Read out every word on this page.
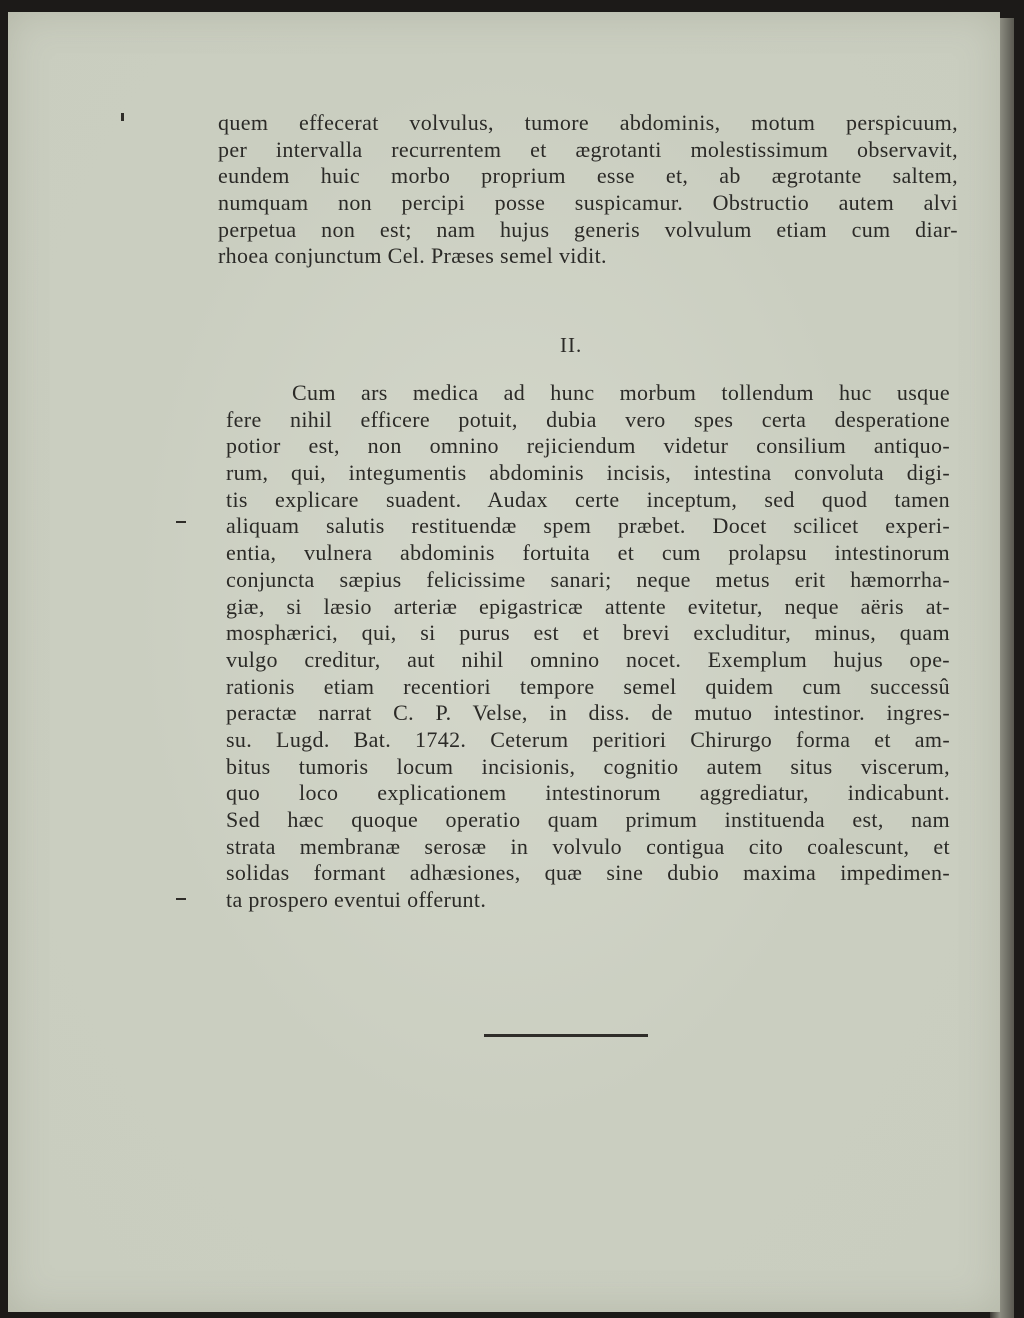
quem effecerat volvulus, tumore abdominis, motum perspicuum,
per intervalla recurrentem et ægrotanti molestissimum observavit,
eundem huic morbo proprium esse et, ab ægrotante saltem,
numquam non percipi posse suspicamur. Obstructio autem alvi
perpetua non est; nam hujus generis volvulum etiam cum diar-
rhoea conjunctum Cel. Præses semel vidit.
II.
Cum ars medica ad hunc morbum tollendum huc usque
fere nihil efficere potuit, dubia vero spes certa desperatione
potior est, non omnino rejiciendum videtur consilium antiquo-
rum, qui, integumentis abdominis incisis, intestina convoluta digi-
tis explicare suadent. Audax certe inceptum, sed quod tamen
aliquam salutis restituendæ spem præbet. Docet scilicet experi-
entia, vulnera abdominis fortuita et cum prolapsu intestinorum
conjuncta sæpius felicissime sanari; neque metus erit hæmorrha-
giæ, si læsio arteriæ epigastricæ attente evitetur, neque aëris at-
mosphærici, qui, si purus est et brevi excluditur, minus, quam
vulgo creditur, aut nihil omnino nocet. Exemplum hujus ope-
rationis etiam recentiori tempore semel quidem cum successû
peractæ narrat C. P. Velse, in diss. de mutuo intestinor. ingres-
su. Lugd. Bat. 1742. Ceterum peritiori Chirurgo forma et am-
bitus tumoris locum incisionis, cognitio autem situs viscerum,
quo loco explicationem intestinorum aggrediatur, indicabunt.
Sed hæc quoque operatio quam primum instituenda est, nam
strata membranæ serosæ in volvulo contigua cito coalescunt, et
solidas formant adhæsiones, quæ sine dubio maxima impedimen-
ta prospero eventui offerunt.
